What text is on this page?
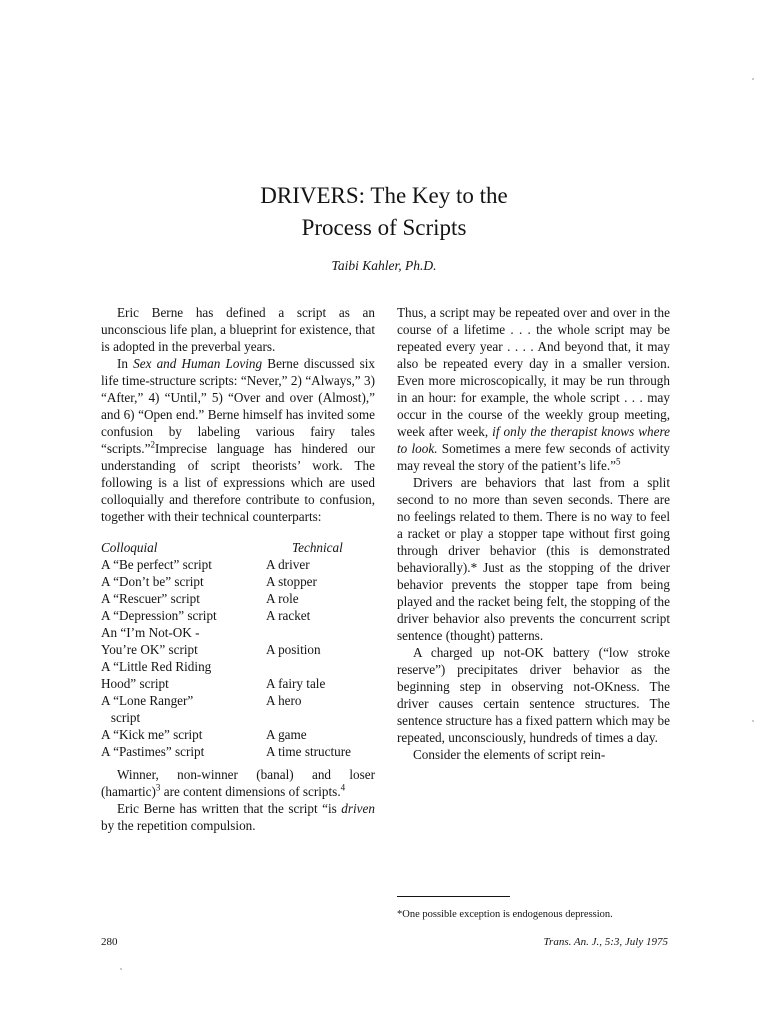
DRIVERS: The Key to the
Process of Scripts
Taibi Kahler, Ph.D.

Eric Berne has defined a script as an unconscious life plan, a blueprint for existence, that is adopted in the preverbal years.

In Sex and Human Loving Berne discussed six life time-structure scripts: “Never,” 2) “Always,” 3) “After,” 4) “Until,” 5) “Over and over (Almost),” and 6) “Open end.” Berne himself has invited some confusion by labeling various fairy tales “scripts.”$^2$Imprecise language has hindered our understanding of script theorists’ work. The following is a list of expressions which are used colloquially and therefore contribute to confusion, together with their technical counterparts:

Colloquial	Technical
A “Be perfect” script	A driver
A “Don’t be” script	A stopper
A “Rescuer” script	A role
A “Depression” script	A racket
An “I’m Not-OK -
You’re OK” script	A position
A “Little Red Riding
Hood” script	A fairy tale
A “Lone Ranger”	A hero
script
A “Kick me” script	A game
A “Pastimes” script	A time structure

Winner, non-winner (banal) and loser (hamartic)$^3$ are content dimensions of scripts.$^4$

Eric Berne has written that the script “is driven by the repetition compulsion.

Thus, a script may be repeated over and over in the course of a lifetime . . . the whole script may be repeated every year . . . . And beyond that, it may also be repeated every day in a smaller version. Even more microscopically, it may be run through in an hour: for example, the whole script . . . may occur in the course of the weekly group meeting, week after week, if only the therapist knows where to look. Sometimes a mere few seconds of activity may reveal the story of the patient’s life.”$^5$

Drivers are behaviors that last from a split second to no more than seven seconds. There are no feelings related to them. There is no way to feel a racket or play a stopper tape without first going through driver behavior (this is demonstrated behaviorally).* Just as the stopping of the driver behavior prevents the stopper tape from being played and the racket being felt, the stopping of the driver behavior also prevents the concurrent script sentence (thought) patterns.

A charged up not-OK battery (“low stroke reserve”) precipitates driver behavior as the beginning step in observing not-OKness. The driver causes certain sentence structures. The sentence structure has a fixed pattern which may be repeated, unconsciously, hundreds of times a day.

Consider the elements of script rein-

*One possible exception is endogenous depression.
280	Trans. An. J., 5:3, July 1975
